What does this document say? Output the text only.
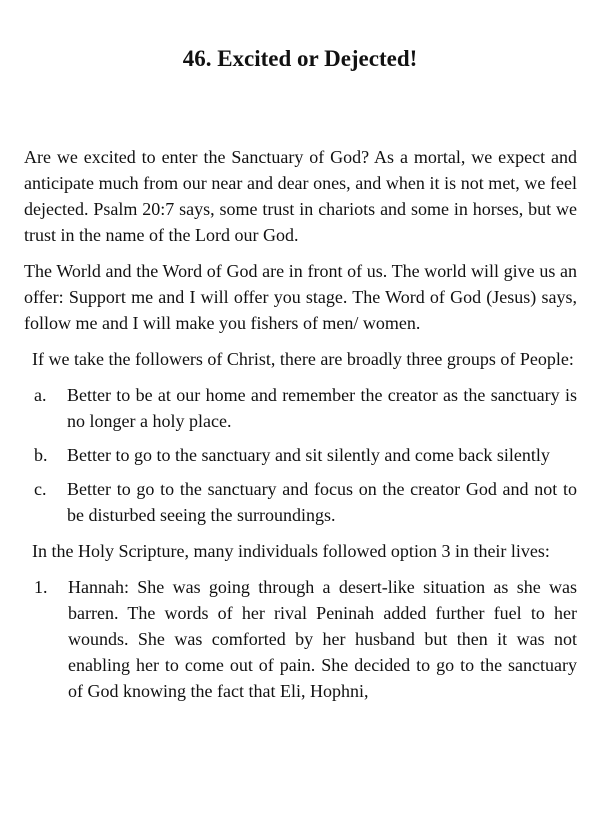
46. Excited or Dejected!

Are we excited to enter the Sanctuary of God? As a mortal, we expect and anticipate much from our near and dear ones, and when it is not met, we feel dejected. Psalm 20:7 says, some trust in chariots and some in horses, but we trust in the name of the Lord our God.

The World and the Word of God are in front of us. The world will give us an offer: Support me and I will offer you stage. The Word of God (Jesus) says, follow me and I will make you fishers of men/ women.

If we take the followers of Christ, there are broadly three groups of People:

a.	Better to be at our home and remember the creator as the sanctuary is no longer a holy place.
b.	Better to go to the sanctuary and sit silently and come back silently
c.	Better to go to the sanctuary and focus on the creator God and not to be disturbed seeing the surroundings.

In the Holy Scripture, many individuals followed option 3 in their lives:

1.	Hannah: She was going through a desert-like situation as she was barren. The words of her rival Peninah added further fuel to her wounds. She was comforted by her husband but then it was not enabling her to come out of pain. She decided to go to the sanctuary of God knowing the fact that Eli, Hophni,
